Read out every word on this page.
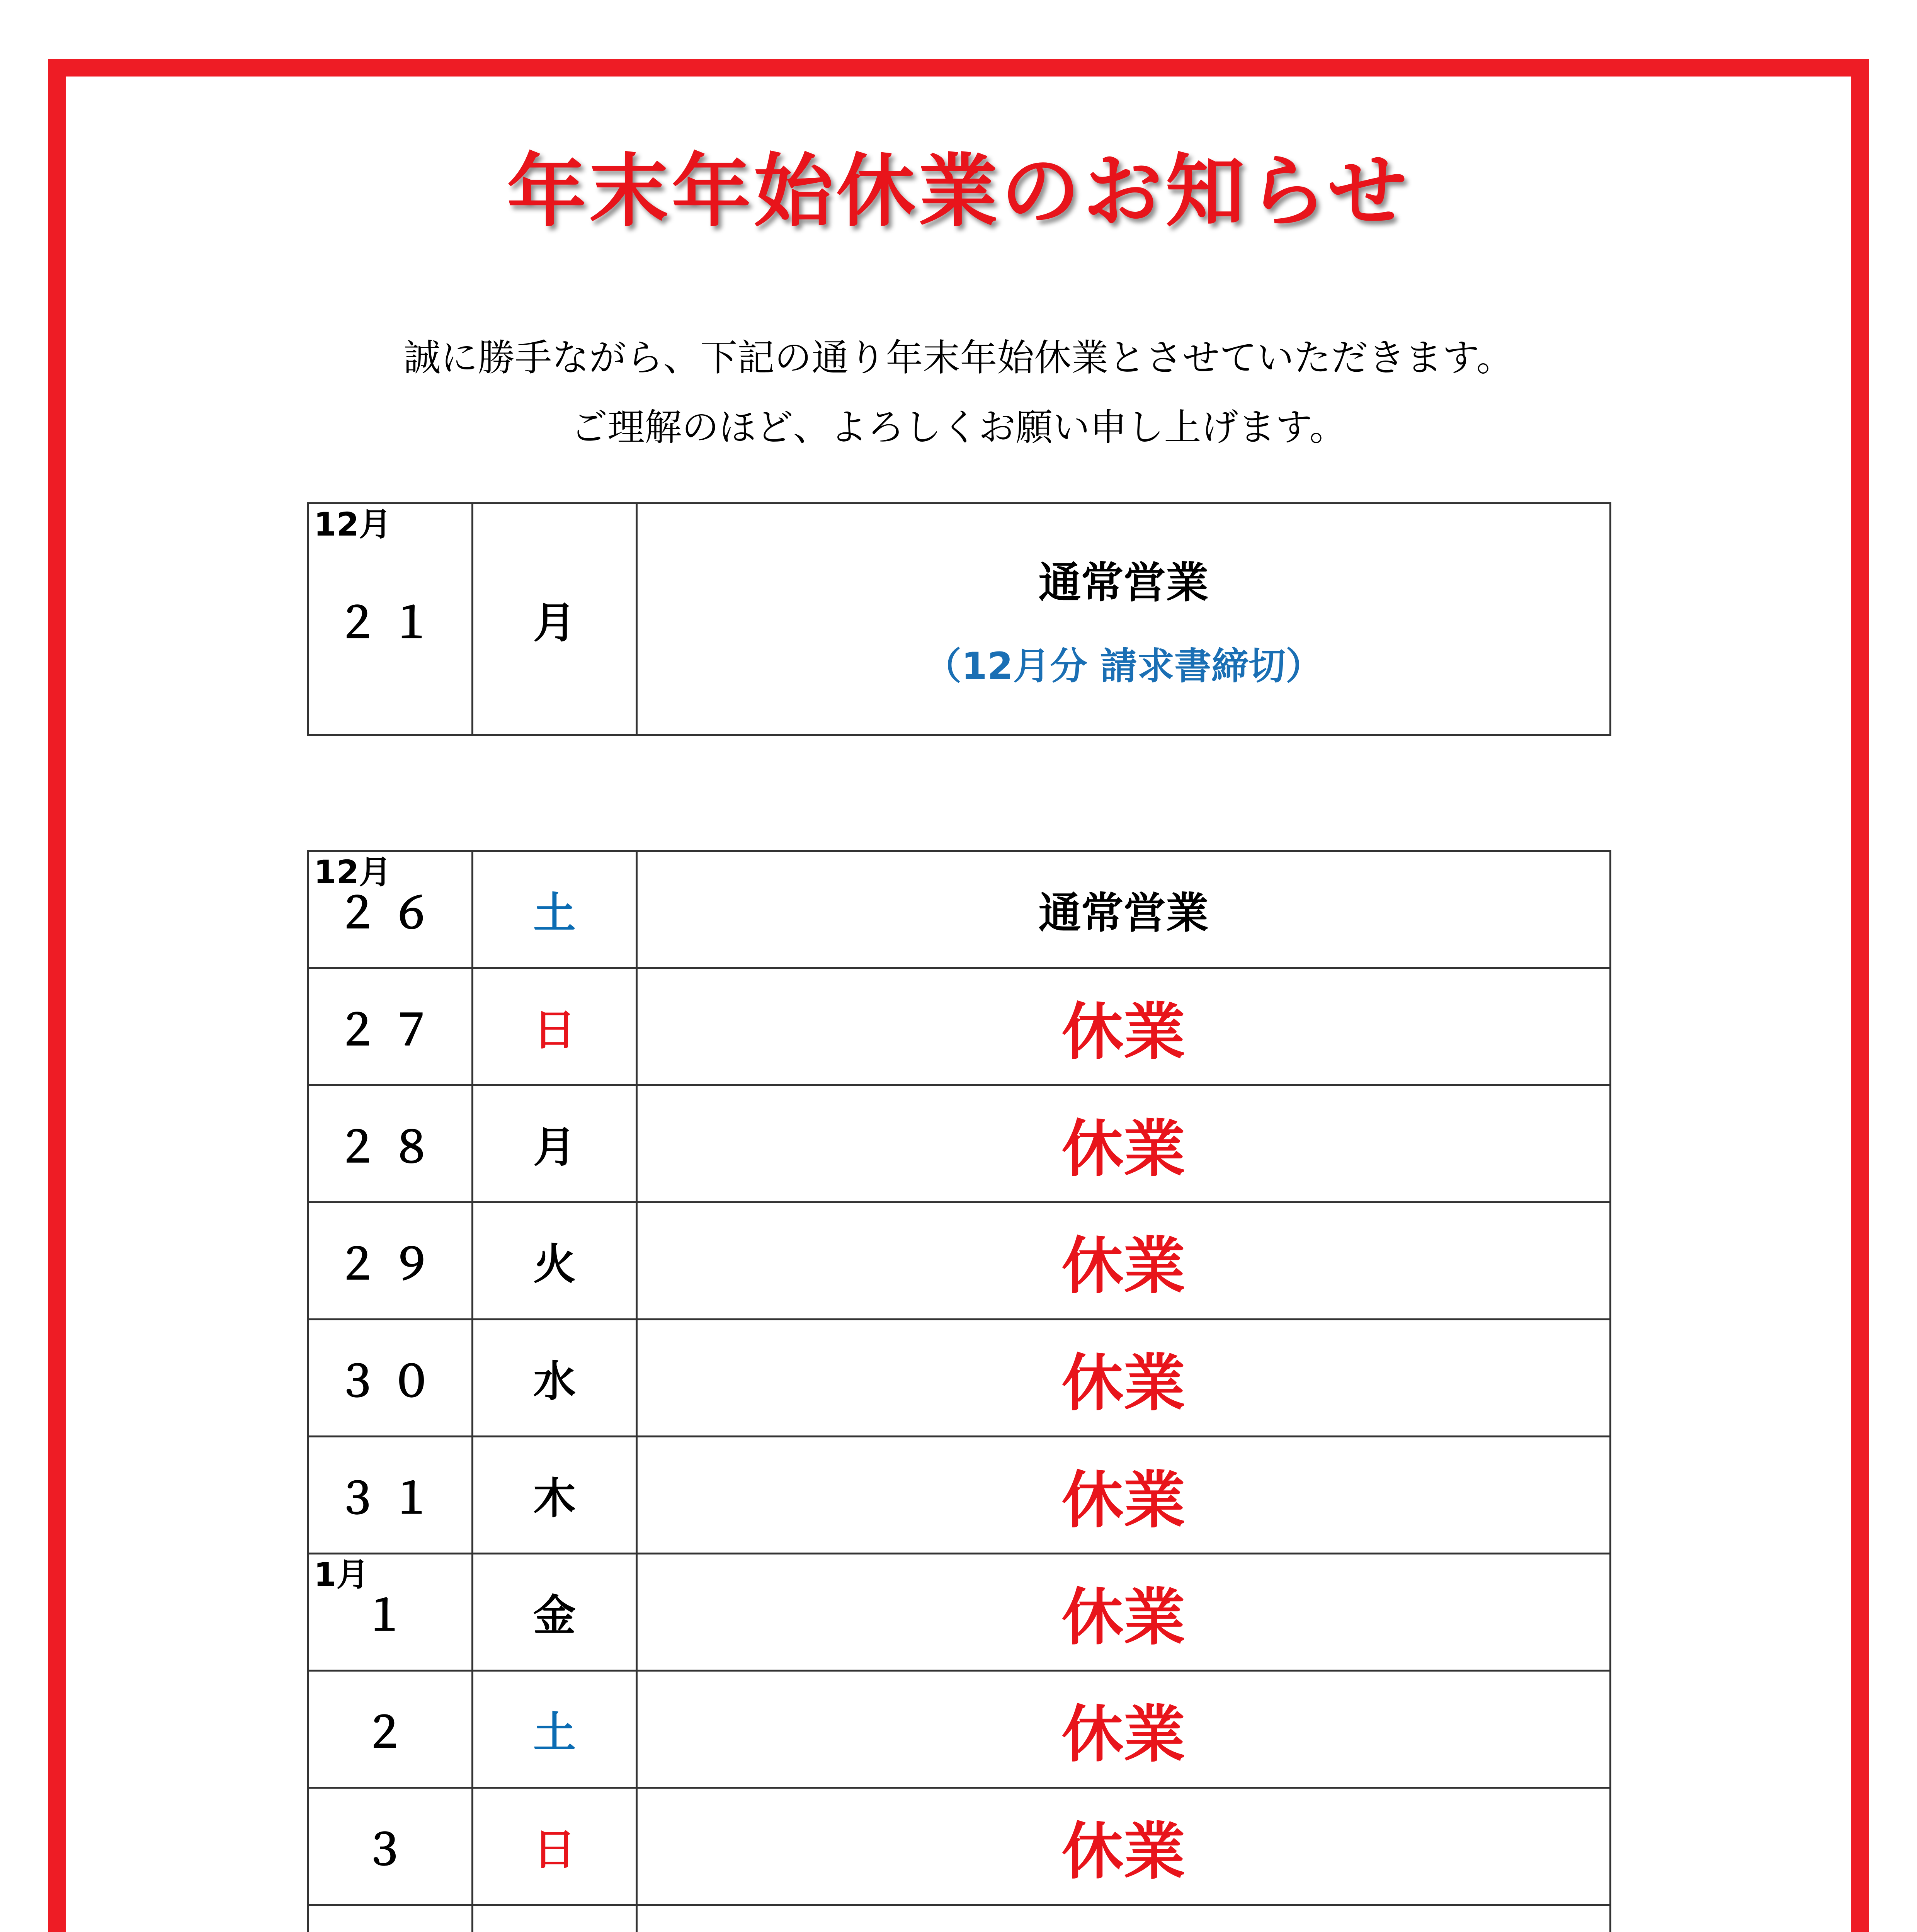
年末年始休業のお知らせ
誠に勝手ながら、下記の通り年末年始休業とさせていただきます。
ご理解のほど、よろしくお願い申し上げます。
12月
２１	月	通常営業
（12月分 請求書締切）
12月
２６	土	通常営業
２７	日	休業
２８	月	休業
２９	火	休業
３０	水	休業
３１	木	休業

1月
１	金	休業
２	土	休業
３	日	休業
